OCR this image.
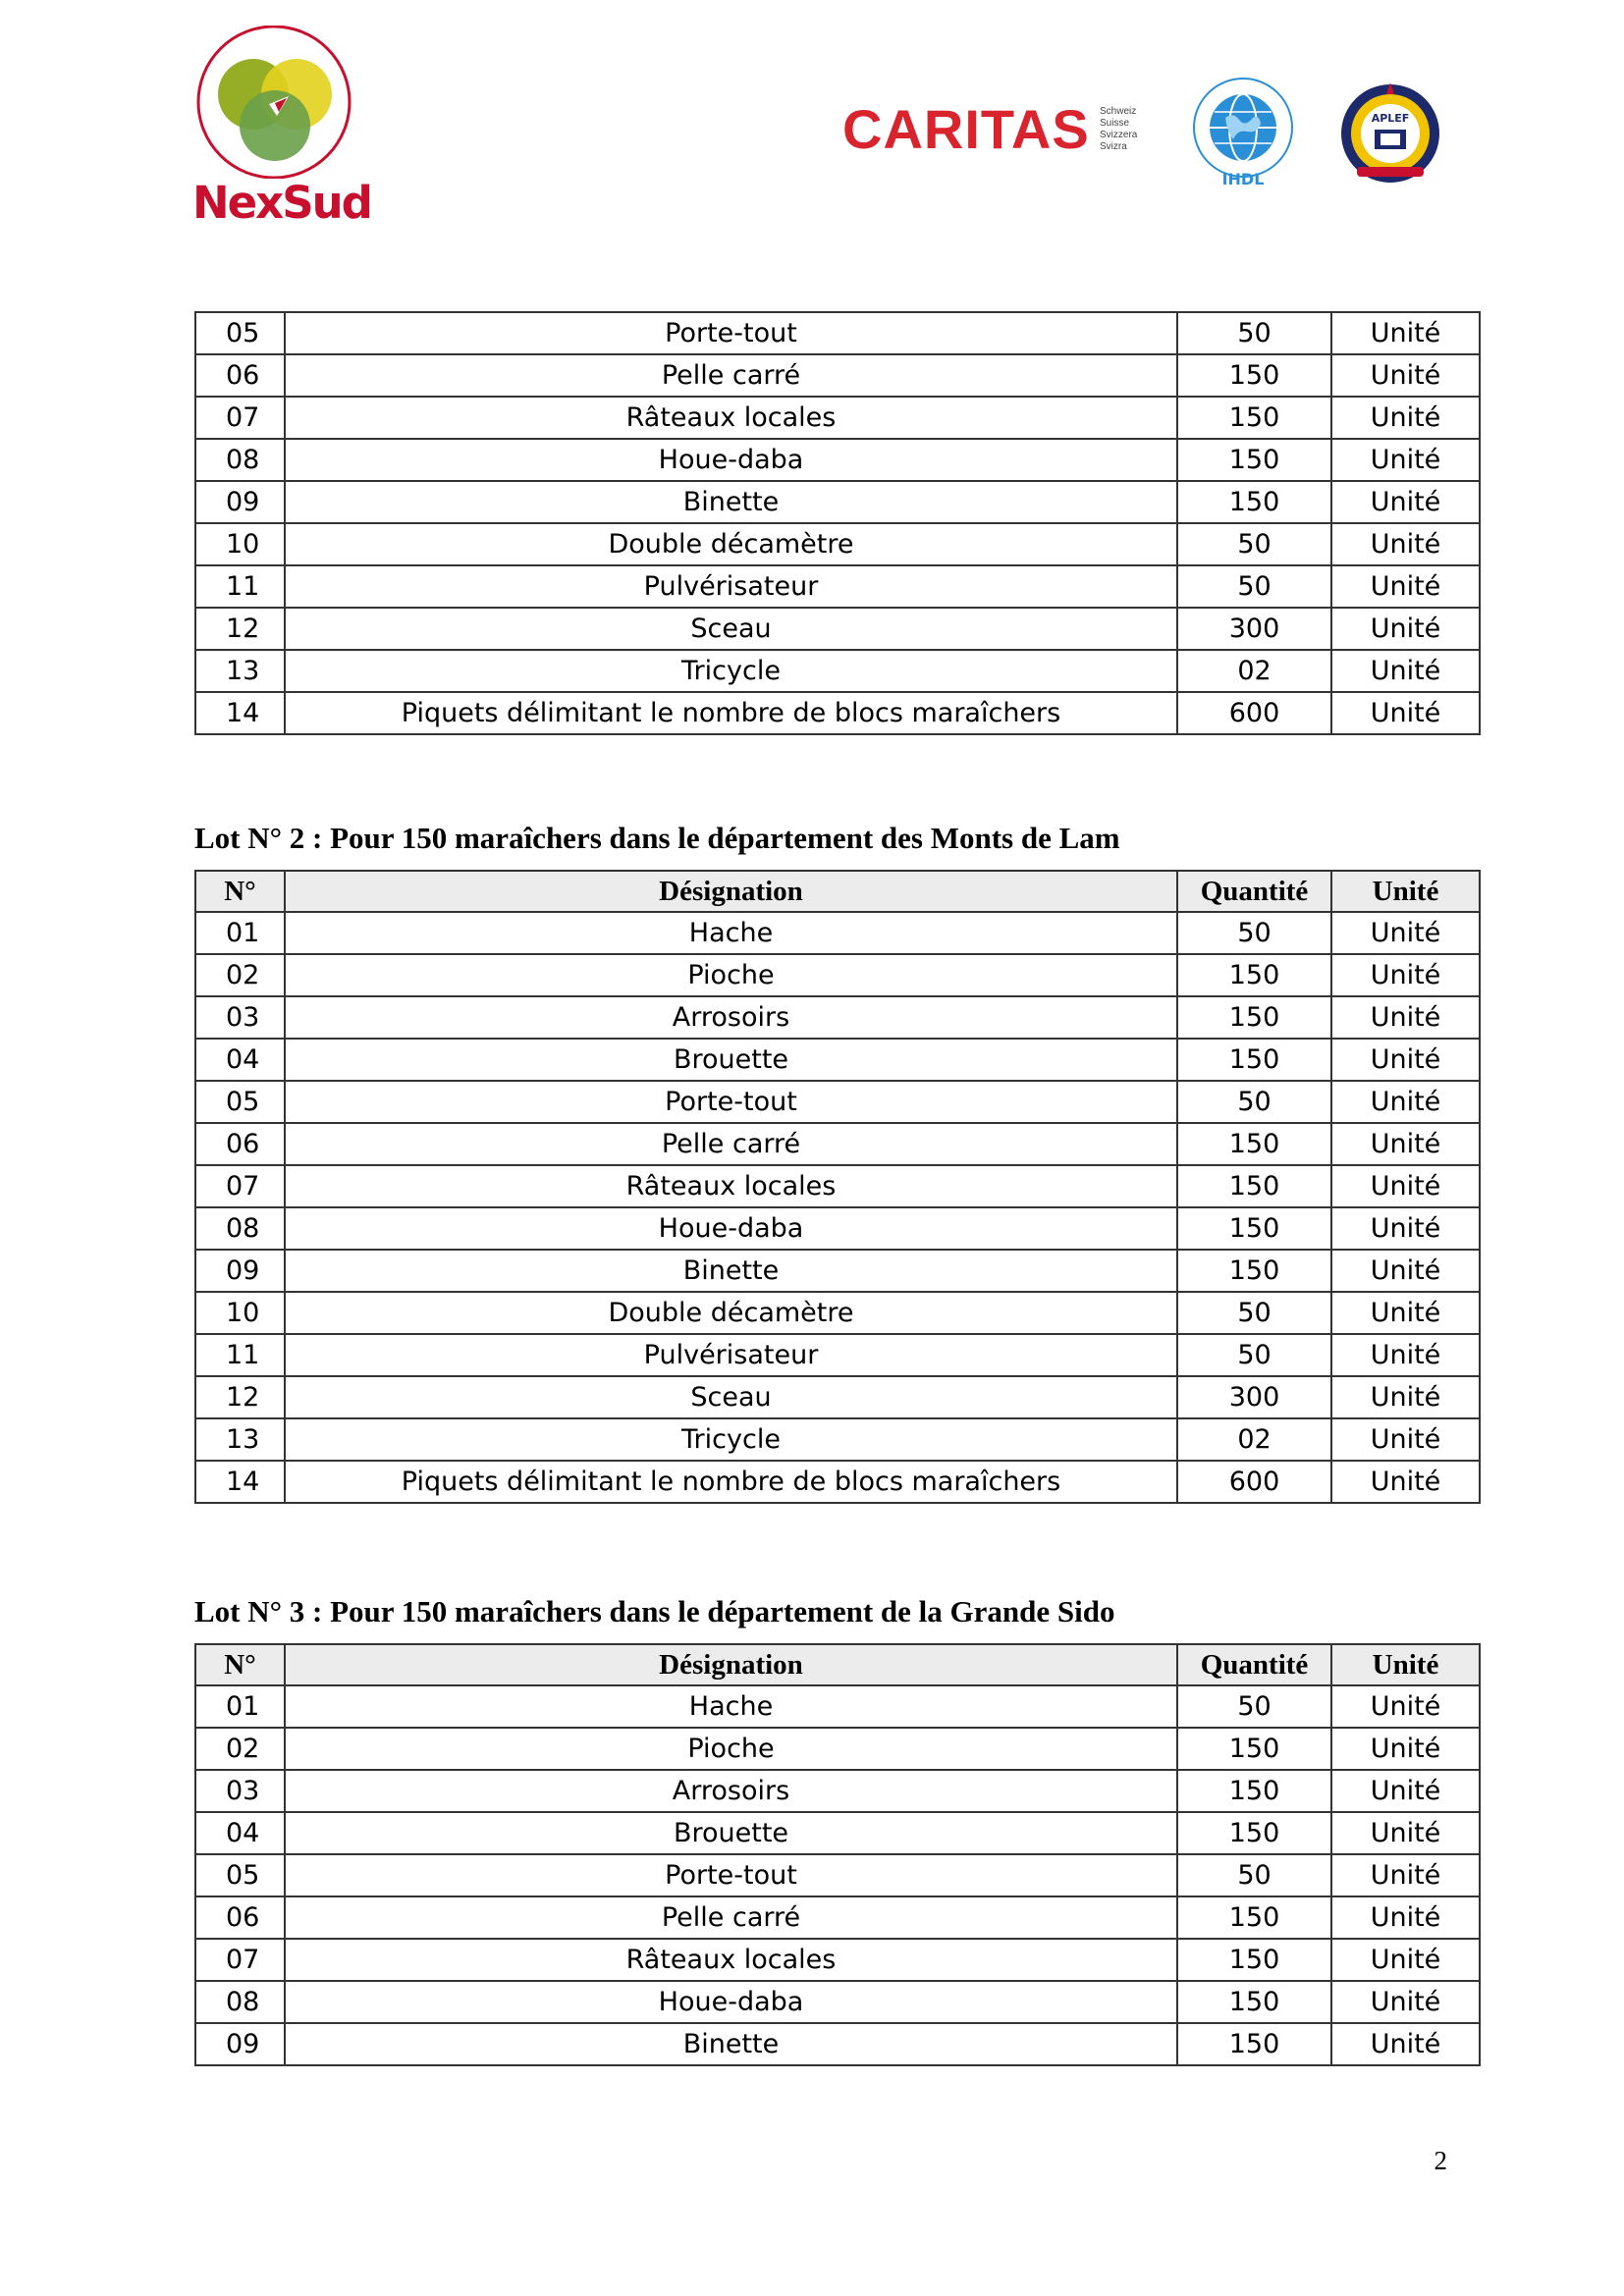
NexSud
CARITAS Schweiz
Suisse
Svizzera
Svizra
IHDL
APLEF
05	Porte-tout	50	Unité
06	Pelle carré	150	Unité
07	Râteaux locales	150	Unité
08	Houe-daba	150	Unité
09	Binette	150	Unité
10	Double décamètre	50	Unité
11	Pulvérisateur	50	Unité
12	Sceau	300	Unité
13	Tricycle	02	Unité
14	Piquets délimitant le nombre de blocs maraîchers	600	Unité
Lot N° 2 : Pour 150 maraîchers dans le département des Monts de Lam
N°	Désignation	Quantité	Unité
01	Hache	50	Unité
02	Pioche	150	Unité
03	Arrosoirs	150	Unité
04	Brouette	150	Unité
05	Porte-tout	50	Unité
06	Pelle carré	150	Unité
07	Râteaux locales	150	Unité
08	Houe-daba	150	Unité
09	Binette	150	Unité
10	Double décamètre	50	Unité
11	Pulvérisateur	50	Unité
12	Sceau	300	Unité
13	Tricycle	02	Unité
14	Piquets délimitant le nombre de blocs maraîchers	600	Unité
Lot N° 3 : Pour 150 maraîchers dans le département de la Grande Sido
N°	Désignation	Quantité	Unité
01	Hache	50	Unité
02	Pioche	150	Unité
03	Arrosoirs	150	Unité
04	Brouette	150	Unité
05	Porte-tout	50	Unité
06	Pelle carré	150	Unité
07	Râteaux locales	150	Unité
08	Houe-daba	150	Unité
09	Binette	150	Unité
2
